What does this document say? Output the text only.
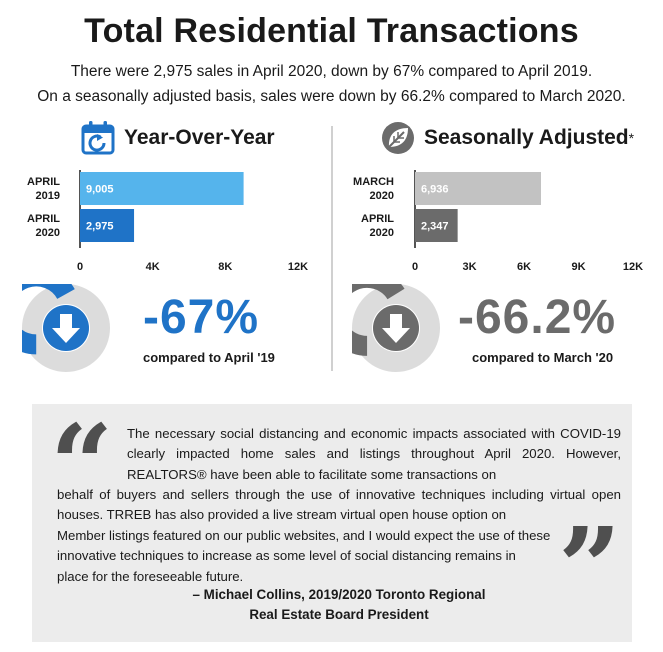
Total Residential Transactions
There were 2,975 sales in April 2020, down by 67% compared to April 2019.
On a seasonally adjusted basis, sales were down by 66.2% compared to March 2020.
Year-Over-Year	Seasonally Adjusted *
9,005
APRIL 2019
2,975
APRIL 2020
0	4K	8K	12K
6,936
MARCH 2020
2,347
APRIL 2020
0	3K	6K	9K	12K
-67%
compared to April '19
-66.2%
compared to March '20
“
”
The necessary social distancing and economic impacts associated with COVID-19 clearly impacted home sales and listings throughout April 2020. However, REALTORS® have been able to facilitate some transactions on
behalf of buyers and sellers through the use of innovative techniques including virtual open houses. TRREB has also provided a live stream virtual open house option on
Member listings featured on our public websites, and I would expect the use of these innovative techniques to increase as some level of social distancing remains in place for the foreseeable future.
– Michael Collins, 2019/2020 Toronto Regional
Real Estate Board President
